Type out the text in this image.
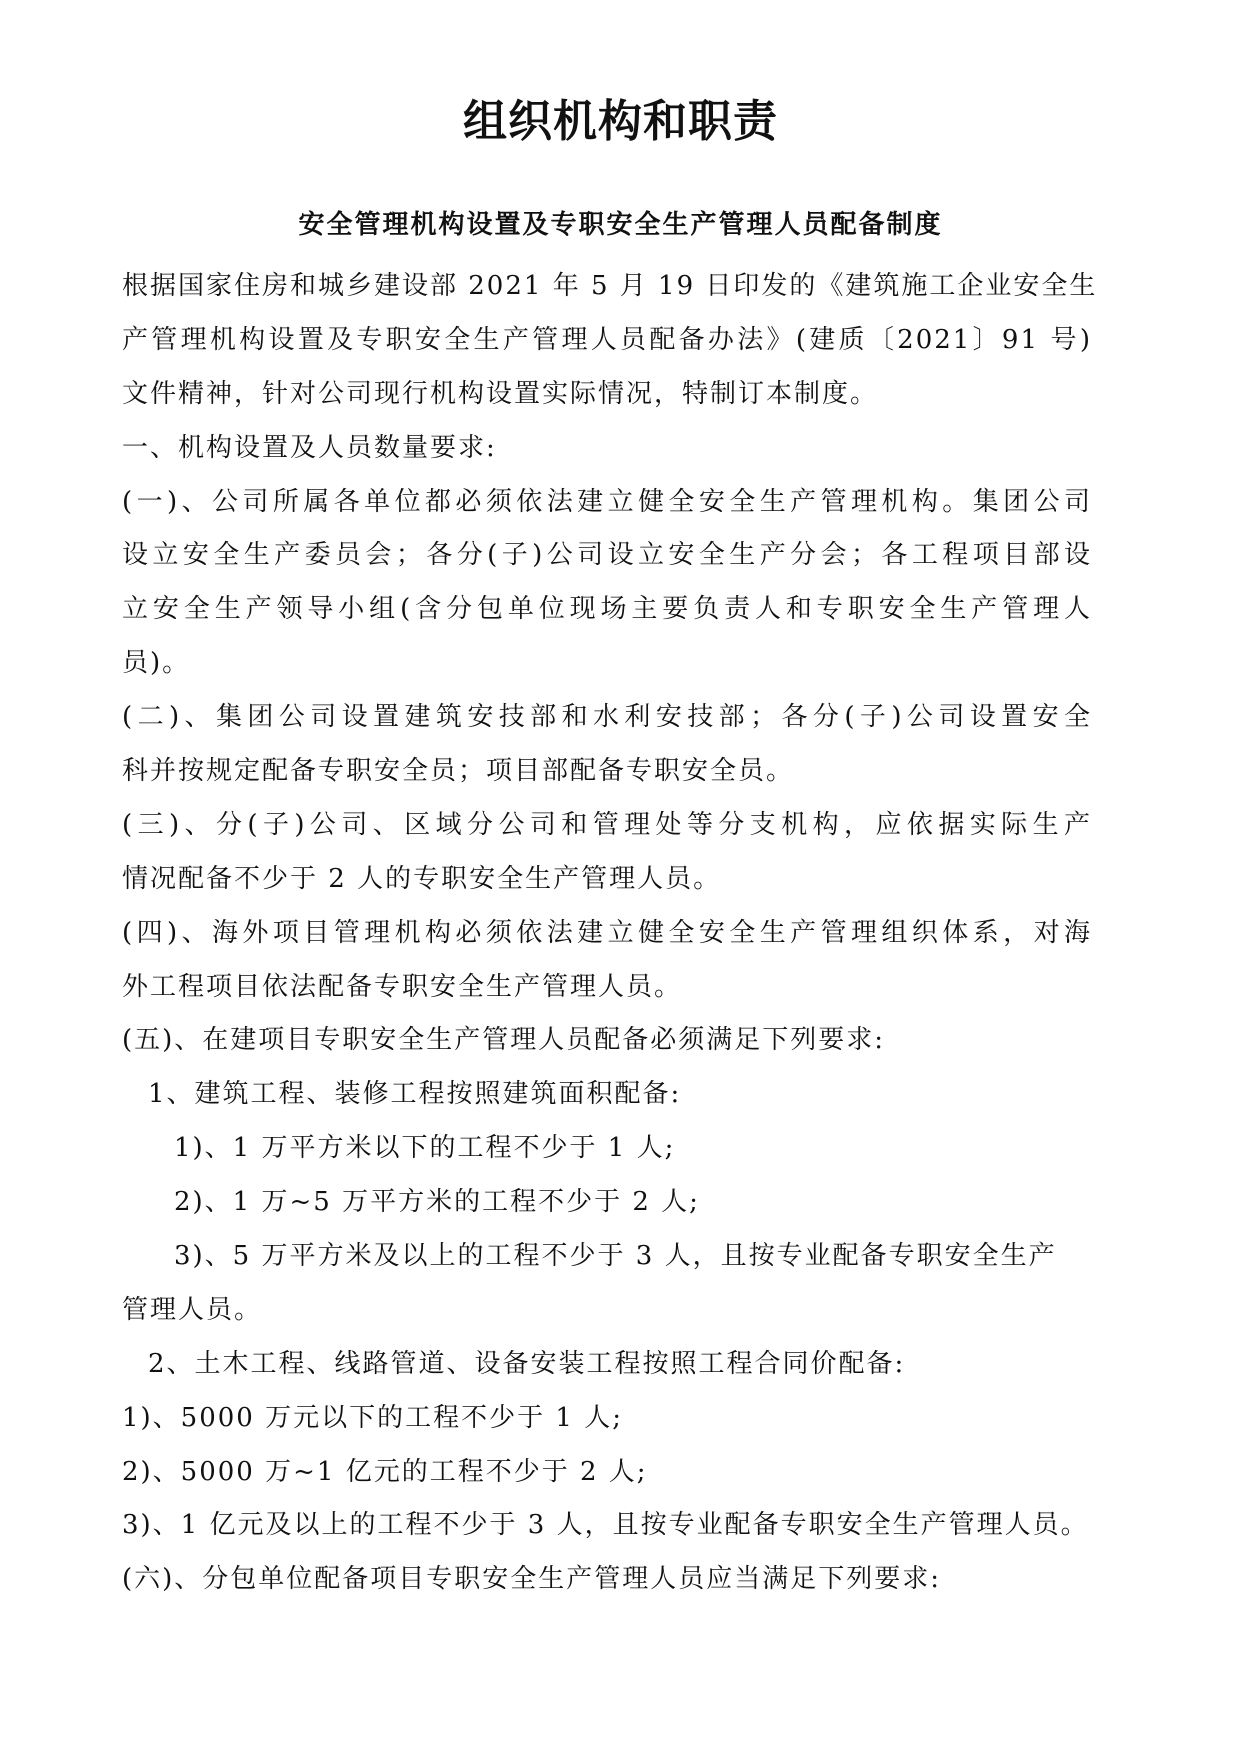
组织机构和职责
安全管理机构设置及专职安全生产管理人员配备制度
根据国家住房和城乡建设部 2021 年 5 月 19 日印发的《建筑施工企业安全生
产管理机构设置及专职安全生产管理人员配备办法》(建质〔2021〕91 号)
文件精神，针对公司现行机构设置实际情况，特制订本制度。
一、机构设置及人员数量要求:
(一)、公司所属各单位都必须依法建立健全安全生产管理机构。集团公司
设立安全生产委员会；各分(子)公司设立安全生产分会；各工程项目部设
立安全生产领导小组(含分包单位现场主要负责人和专职安全生产管理人
员)。
(二)、集团公司设置建筑安技部和水利安技部；各分(子)公司设置安全
科并按规定配备专职安全员；项目部配备专职安全员。
(三)、分(子)公司、区域分公司和管理处等分支机构，应依据实际生产
情况配备不少于 2 人的专职安全生产管理人员。
(四)、海外项目管理机构必须依法建立健全安全生产管理组织体系，对海
外工程项目依法配备专职安全生产管理人员。
(五)、在建项目专职安全生产管理人员配备必须满足下列要求:
1、建筑工程、装修工程按照建筑面积配备:
1)、1 万平方米以下的工程不少于 1 人;
2)、1 万~5 万平方米的工程不少于 2 人;
3)、5 万平方米及以上的工程不少于 3 人，且按专业配备专职安全生产
管理人员。
2、土木工程、线路管道、设备安装工程按照工程合同价配备:
1)、5000 万元以下的工程不少于 1 人;
2)、5000 万~1 亿元的工程不少于 2 人;
3)、1 亿元及以上的工程不少于 3 人，且按专业配备专职安全生产管理人员。
(六)、分包单位配备项目专职安全生产管理人员应当满足下列要求:
